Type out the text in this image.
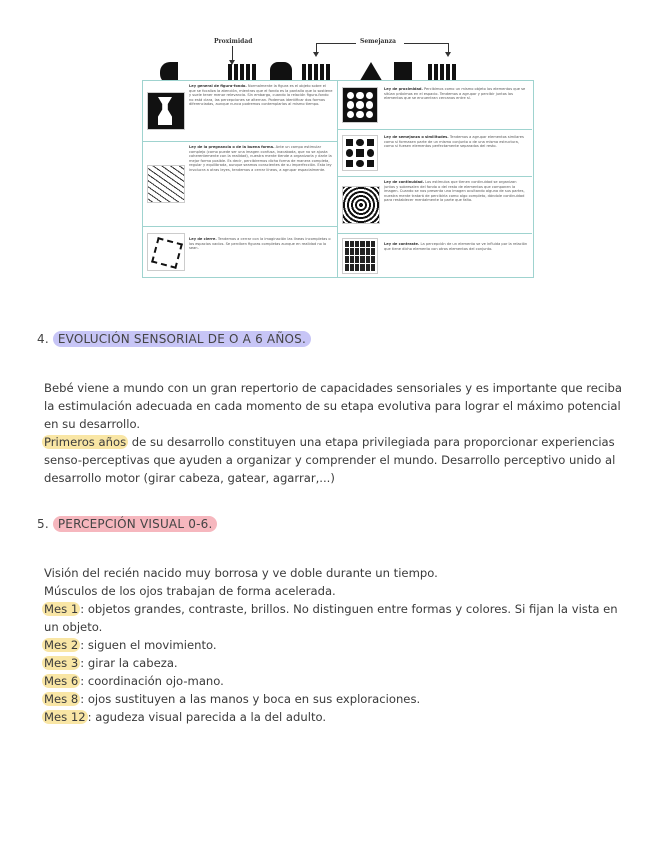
Proximidad	Semejanza
Ley general de figura-fondo. Normalmente la figura es el objeto sobre el que se focaliza la atención, mientras que el fondo es la pantalla que lo sostiene y suele tener menor relevancia. Sin embargo, cuando la relación figura-fondo no está clara, las percepciones se alternan. Podemos identificar dos formas diferenciadas, aunque nunca podremos contemplarlas al mismo tiempo.
Ley de la pregnancia o de la buena forma. Ante un campo estimular complejo (como puede ser una imagen confusa, inacabada, que no se ajusta coherentemente con la realidad), nuestra mente tiende a organizarla y darle la mejor forma posible. Es decir, percibiremos dicha forma de manera completa, regular y equilibrada, aunque seamos conscientes de su imperfección. Esta ley involucra a otras leyes, tendemos a cerrar líneas, a agrupar espacialmente.
Ley de cierre. Tendemos a cerrar con la imaginación las líneas incompletas o los espacios vacíos. Se perciben figuras completas aunque en realidad no lo sean.
Ley de proximidad. Percibimos como un mismo objeto los elementos que se sitúan próximos en el espacio. Tendemos a agrupar y percibir juntos los elementos que se encuentran cercanos entre sí.
Ley de semejanza o similitudes. Tendemos a agrupar elementos similares como si formasen parte de un mismo conjunto o de una misma estructura, como si fuesen elementos perfectamente separados del resto.
Ley de continuidad. Los estímulos que tienen continuidad se organizan juntos y sobresalen del fondo o del resto de elementos que componen la imagen. Cuando se nos presenta una imagen ocultando alguna de sus partes, nuestra mente tratará de percibirla como algo completo, dándole continuidad para restablecer mentalmente la parte que falta.
Ley de contraste. La percepción de un elemento se ve influida por la relación que tiene dicho elemento con otros elementos del conjunto.
4. EVOLUCIÓN SENSORIAL DE O A 6 AÑOS.
Bebé viene a mundo con un gran repertorio de capacidades sensoriales y es importante que reciba
la estimulación adecuada en cada momento de su etapa evolutiva para lograr el máximo potencial
en su desarrollo.
Primeros años de su desarrollo constituyen una etapa privilegiada para proporcionar experiencias
senso-perceptivas que ayuden a organizar y comprender el mundo. Desarrollo perceptivo unido al
desarrollo motor (girar cabeza, gatear, agarrar,...)
5. PERCEPCIÓN VISUAL 0-6.
Visión del recién nacido muy borrosa y ve doble durante un tiempo.
Músculos de los ojos trabajan de forma acelerada.
Mes 1 : objetos grandes, contraste, brillos. No distinguen entre formas y colores. Si fijan la vista en
un objeto.
Mes 2 : siguen el movimiento.
Mes 3 : girar la cabeza.
Mes 6 : coordinación ojo-mano.
Mes 8 : ojos sustituyen a las manos y boca en sus exploraciones.
Mes 12 : agudeza visual parecida a la del adulto.
